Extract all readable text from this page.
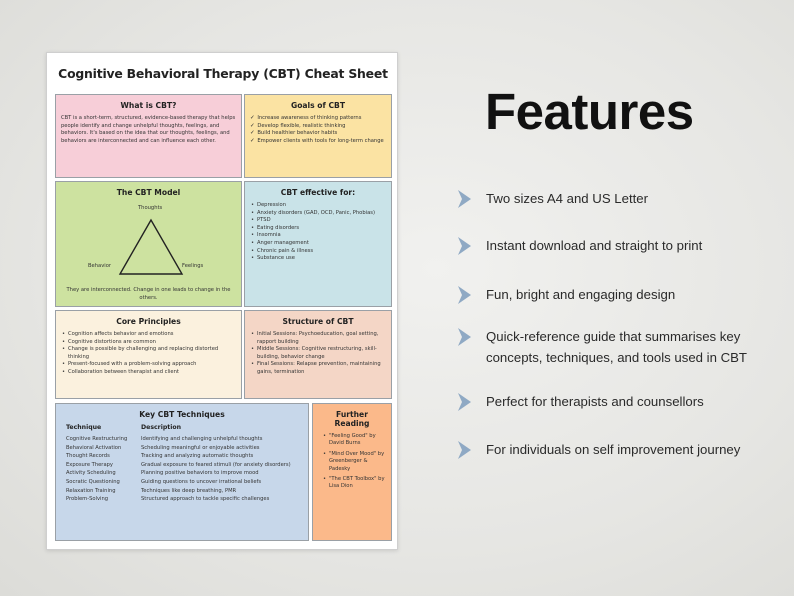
Cognitive Behavioral Therapy (CBT) Cheat Sheet
What is CBT?

CBT is a short-term, structured, evidence-based therapy that helps people identify and change unhelpful thoughts, feelings, and behaviors. It's based on the idea that our thoughts, feelings, and behaviors are interconnected and can influence each other.

Goals of CBT
✓ Increase awareness of thinking patterns
✓ Develop flexible, realistic thinking
✓ Build healthier behavior habits
✓ Empower clients with tools for long-term change
The CBT Model
Thoughts
Behavior	Feelings
They are interconnected. Change in one leads to change in the others.
CBT effective for:
• Depression
• Anxiety disorders (GAD, OCD, Panic, Phobias)
• PTSD
• Eating disorders
• Insomnia
• Anger management
• Chronic pain & illness
• Substance use
Core Principles
• Cognition affects behavior and emotions
• Cognitive distortions are common
• Change is possible by challenging and replacing distorted thinking
• Present-focused with a problem-solving approach
• Collaboration between therapist and client
Structure of CBT
• Initial Sessions: Psychoeducation, goal setting, rapport building
• Middle Sessions: Cognitive restructuring, skill-building, behavior change
• Final Sessions: Relapse prevention, maintaining gains, termination
Key CBT Techniques
Technique
Cognitive Restructuring
Behavioral Activation
Thought Records
Exposure Therapy
Activity Scheduling
Socratic Questioning
Relaxation Training
Problem-Solving
Description
Identifying and challenging unhelpful thoughts
Scheduling meaningful or enjoyable activities
Tracking and analyzing automatic thoughts
Gradual exposure to feared stimuli (for anxiety disorders)
Planning positive behaviors to improve mood
Guiding questions to uncover irrational beliefs
Techniques like deep breathing, PMR
Structured approach to tackle specific challenges
Further Reading
• "Feeling Good" by David Burns
• "Mind Over Mood" by Greenberger & Padesky
• "The CBT Toolbox" by Lisa Dion
Features
Two sizes A4 and US Letter
Instant download and straight to print
Fun, bright and engaging design
Quick-reference guide that summarises key concepts, techniques, and tools used in CBT
Perfect for therapists and counsellors
For individuals on self improvement journey
